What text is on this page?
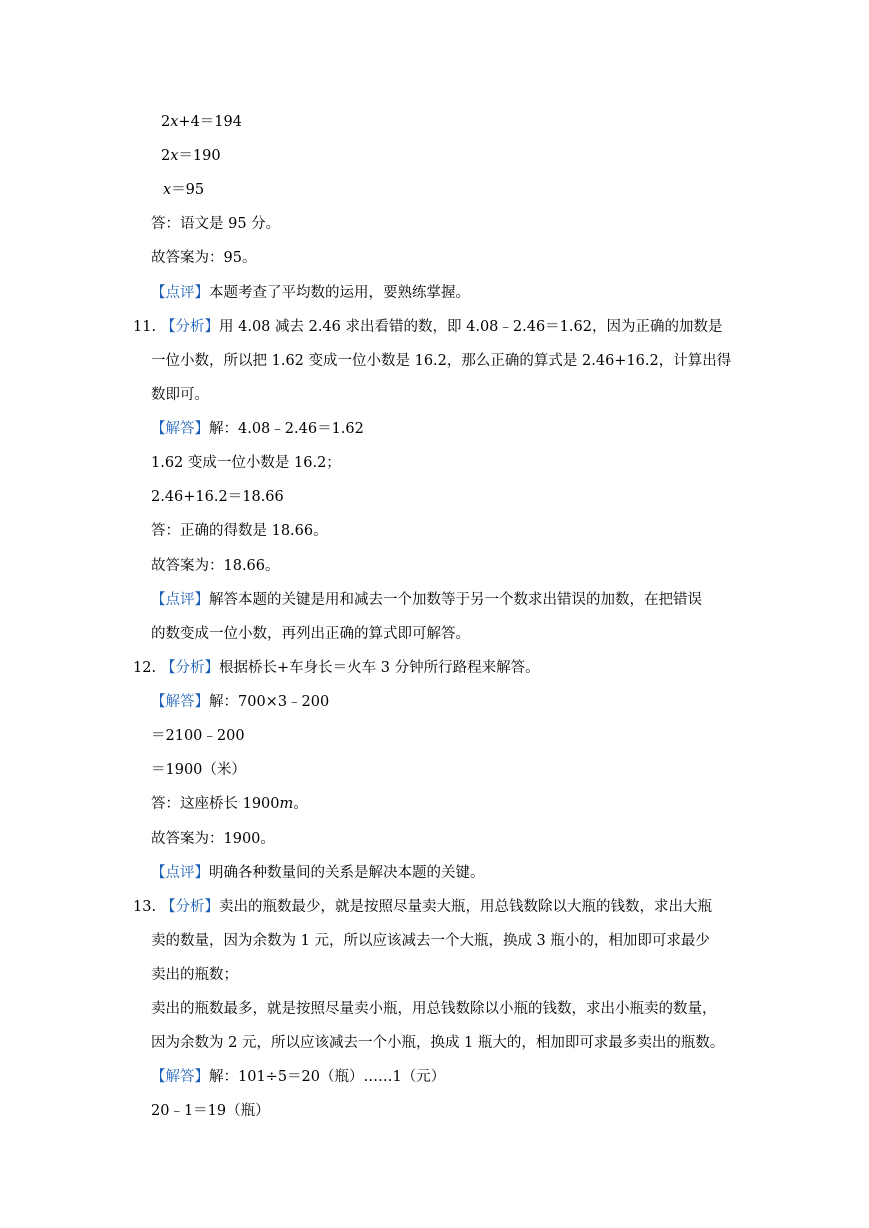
2x+4＝194
2x＝190
x＝95
答：语文是 95 分。
故答案为：95。
【点评】本题考查了平均数的运用，要熟练掌握。
11. 【分析】用 4.08 减去 2.46 求出看错的数，即 4.08﹣2.46＝1.62，因为正确的加数是
一位小数，所以把 1.62 变成一位小数是 16.2，那么正确的算式是 2.46+16.2，计算出得
数即可。
【解答】解：4.08﹣2.46＝1.62
1.62 变成一位小数是 16.2；
2.46+16.2＝18.66
答：正确的得数是 18.66。
故答案为：18.66。
【点评】解答本题的关键是用和减去一个加数等于另一个数求出错误的加数，在把错误
的数变成一位小数，再列出正确的算式即可解答。
12. 【分析】根据桥长+车身长＝火车 3 分钟所行路程来解答。
【解答】解：700×3﹣200
＝2100﹣200
＝1900（米）
答：这座桥长 1900m。
故答案为：1900。
【点评】明确各种数量间的关系是解决本题的关键。
13. 【分析】卖出的瓶数最少，就是按照尽量卖大瓶，用总钱数除以大瓶的钱数，求出大瓶
卖的数量，因为余数为 1 元，所以应该减去一个大瓶，换成 3 瓶小的，相加即可求最少
卖出的瓶数；
卖出的瓶数最多，就是按照尽量卖小瓶，用总钱数除以小瓶的钱数，求出小瓶卖的数量，
因为余数为 2 元，所以应该减去一个小瓶，换成 1 瓶大的，相加即可求最多卖出的瓶数。
【解答】解：101÷5＝20（瓶）……1（元）
20﹣1＝19（瓶）
